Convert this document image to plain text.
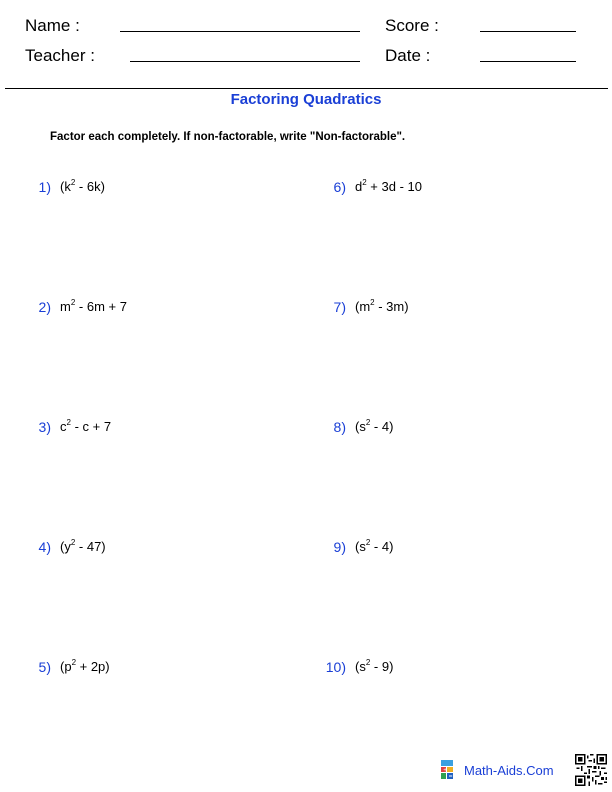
Name :	Score :
Teacher :	Date :
Factoring Quadratics
Factor each completely. If non-factorable, write "Non-factorable".
1) $(k^2 - 6k)$
2) $m^2 - 6m + 7$
3) $c^2 - c + 7$
4) $(y^2 - 47)$
5) $(p^2 + 2p)$
6) $d^2 + 3d - 10$
7) $(m^2 - 3m)$
8) $(s^2 - 4)$
9) $(s^2 - 4)$
10) $(s^2 - 9)$
+
= Math-Aids.Com
